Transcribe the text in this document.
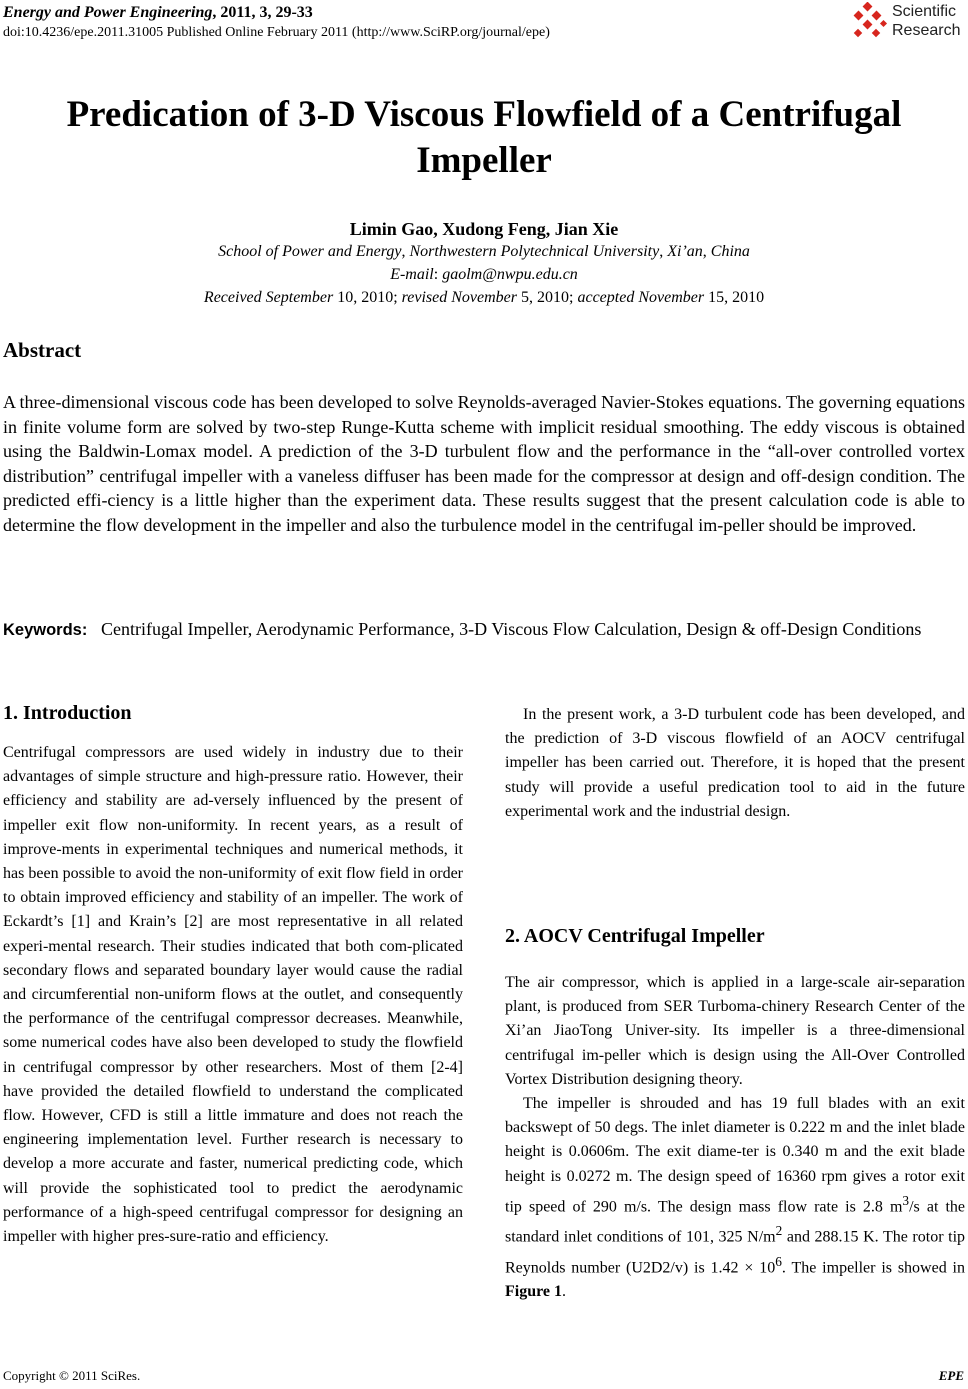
Energy and Power Engineering, 2011, 3, 29-33
doi:10.4236/epe.2011.31005 Published Online February 2011 (http://www.SciRP.org/journal/epe)
Scientific
Research
Predication of 3-D Viscous Flowfield of a Centrifugal Impeller
Limin Gao, Xudong Feng, Jian Xie
School of Power and Energy, Northwestern Polytechnical University, Xi’an, China
E-mail: gaolm@nwpu.edu.cn
Received September 10, 2010; revised November 5, 2010; accepted November 15, 2010
Abstract
A three-dimensional viscous code has been developed to solve Reynolds-averaged Navier-Stokes equations. The governing equations in finite volume form are solved by two-step Runge-Kutta scheme with implicit residual smoothing. The eddy viscous is obtained using the Baldwin-Lomax model. A prediction of the 3-D turbulent flow and the performance in the “all-over controlled vortex distribution” centrifugal impeller with a vaneless diffuser has been made for the compressor at design and off-design condition. The predicted effi-ciency is a little higher than the experiment data. These results suggest that the present calculation code is able to determine the flow development in the impeller and also the turbulence model in the centrifugal im-peller should be improved.
Keywords: Centrifugal Impeller, Aerodynamic Performance, 3-D Viscous Flow Calculation, Design & off-Design Conditions
1. Introduction

Centrifugal compressors are used widely in industry due to their advantages of simple structure and high-pressure ratio. However, their efficiency and stability are ad-versely influenced by the present of impeller exit flow non-uniformity. In recent years, as a result of improve-ments in experimental techniques and numerical methods, it has been possible to avoid the non-uniformity of exit flow field in order to obtain improved efficiency and stability of an impeller. The work of Eckardt’s [1] and Krain’s [2] are most representative in all related experi-mental research. Their studies indicated that both com-plicated secondary flows and separated boundary layer would cause the radial and circumferential non-uniform flows at the outlet, and consequently the performance of the centrifugal compressor decreases. Meanwhile, some numerical codes have also been developed to study the flowfield in centrifugal compressor by other researchers. Most of them [2-4] have provided the detailed flowfield to understand the complicated flow. However, CFD is still a little immature and does not reach the engineering implementation level. Further research is necessary to develop a more accurate and faster, numerical predicting code, which will provide the sophisticated tool to predict the aerodynamic performance of a high-speed centrifugal compressor for designing an impeller with higher pres-sure-ratio and efficiency.

In the present work, a 3-D turbulent code has been developed, and the prediction of 3-D viscous flowfield of an AOCV centrifugal impeller has been carried out. Therefore, it is hoped that the present study will provide a useful predication tool to aid in the future experimental work and the industrial design.

2. AOCV Centrifugal Impeller

The air compressor, which is applied in a large-scale air-separation plant, is produced from SER Turboma-chinery Research Center of the Xi’an JiaoTong Univer-sity. Its impeller is a three-dimensional centrifugal im-peller which is design using the All-Over Controlled Vortex Distribution designing theory.

The impeller is shrouded and has 19 full blades with an exit backswept of 50 degs. The inlet diameter is 0.222 m and the inlet blade height is 0.0606m. The exit diame-ter is 0.340 m and the exit blade height is 0.0272 m. The design speed of 16360 rpm gives a rotor exit tip speed of 290 m/s. The design mass flow rate is 2.8 $m^3/s$ at the standard inlet conditions of 101, 325 $N/m^2$ and 288.15 K. The rotor tip Reynolds number (U2D2/v) is $1.42 \times 10^6$. The impeller is showed in Figure 1.

Copyright © 2011 SciRes.	EPE
